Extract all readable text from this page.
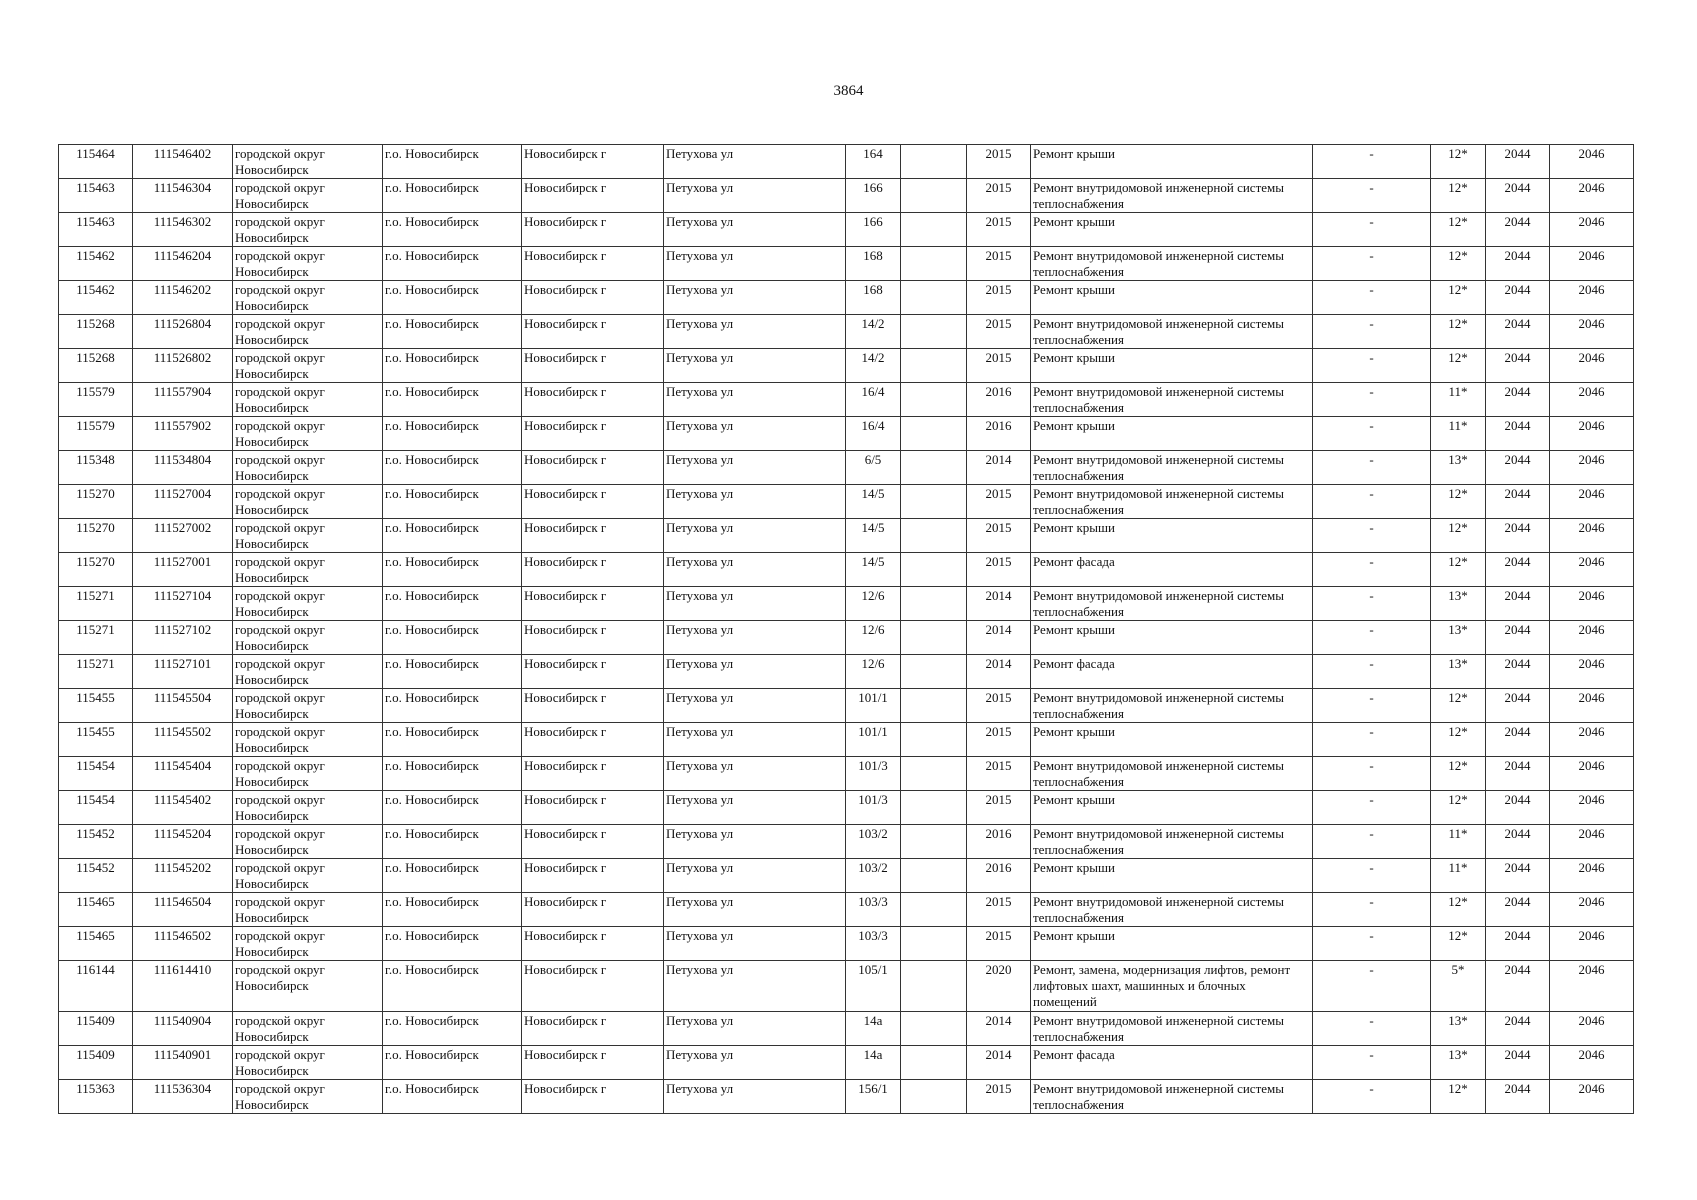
3864
115464	111546402	городской округ Новосибирск	г.о. Новосибирск	Новосибирск г	Петухова ул	164		2015	Ремонт крыши	-	12*	2044	2046
115463	111546304	городской округ Новосибирск	г.о. Новосибирск	Новосибирск г	Петухова ул	166		2015	Ремонт внутридомовой инженерной системы теплоснабжения	-	12*	2044	2046
115463	111546302	городской округ Новосибирск	г.о. Новосибирск	Новосибирск г	Петухова ул	166		2015	Ремонт крыши	-	12*	2044	2046
115462	111546204	городской округ Новосибирск	г.о. Новосибирск	Новосибирск г	Петухова ул	168		2015	Ремонт внутридомовой инженерной системы теплоснабжения	-	12*	2044	2046
115462	111546202	городской округ Новосибирск	г.о. Новосибирск	Новосибирск г	Петухова ул	168		2015	Ремонт крыши	-	12*	2044	2046
115268	111526804	городской округ Новосибирск	г.о. Новосибирск	Новосибирск г	Петухова ул	14/2		2015	Ремонт внутридомовой инженерной системы теплоснабжения	-	12*	2044	2046
115268	111526802	городской округ Новосибирск	г.о. Новосибирск	Новосибирск г	Петухова ул	14/2		2015	Ремонт крыши	-	12*	2044	2046
115579	111557904	городской округ Новосибирск	г.о. Новосибирск	Новосибирск г	Петухова ул	16/4		2016	Ремонт внутридомовой инженерной системы теплоснабжения	-	11*	2044	2046
115579	111557902	городской округ Новосибирск	г.о. Новосибирск	Новосибирск г	Петухова ул	16/4		2016	Ремонт крыши	-	11*	2044	2046
115348	111534804	городской округ Новосибирск	г.о. Новосибирск	Новосибирск г	Петухова ул	6/5		2014	Ремонт внутридомовой инженерной системы теплоснабжения	-	13*	2044	2046
115270	111527004	городской округ Новосибирск	г.о. Новосибирск	Новосибирск г	Петухова ул	14/5		2015	Ремонт внутридомовой инженерной системы теплоснабжения	-	12*	2044	2046
115270	111527002	городской округ Новосибирск	г.о. Новосибирск	Новосибирск г	Петухова ул	14/5		2015	Ремонт крыши	-	12*	2044	2046
115270	111527001	городской округ Новосибирск	г.о. Новосибирск	Новосибирск г	Петухова ул	14/5		2015	Ремонт фасада	-	12*	2044	2046
115271	111527104	городской округ Новосибирск	г.о. Новосибирск	Новосибирск г	Петухова ул	12/6		2014	Ремонт внутридомовой инженерной системы теплоснабжения	-	13*	2044	2046
115271	111527102	городской округ Новосибирск	г.о. Новосибирск	Новосибирск г	Петухова ул	12/6		2014	Ремонт крыши	-	13*	2044	2046
115271	111527101	городской округ Новосибирск	г.о. Новосибирск	Новосибирск г	Петухова ул	12/6		2014	Ремонт фасада	-	13*	2044	2046
115455	111545504	городской округ Новосибирск	г.о. Новосибирск	Новосибирск г	Петухова ул	101/1		2015	Ремонт внутридомовой инженерной системы теплоснабжения	-	12*	2044	2046
115455	111545502	городской округ Новосибирск	г.о. Новосибирск	Новосибирск г	Петухова ул	101/1		2015	Ремонт крыши	-	12*	2044	2046
115454	111545404	городской округ Новосибирск	г.о. Новосибирск	Новосибирск г	Петухова ул	101/3		2015	Ремонт внутридомовой инженерной системы теплоснабжения	-	12*	2044	2046
115454	111545402	городской округ Новосибирск	г.о. Новосибирск	Новосибирск г	Петухова ул	101/3		2015	Ремонт крыши	-	12*	2044	2046
115452	111545204	городской округ Новосибирск	г.о. Новосибирск	Новосибирск г	Петухова ул	103/2		2016	Ремонт внутридомовой инженерной системы теплоснабжения	-	11*	2044	2046
115452	111545202	городской округ Новосибирск	г.о. Новосибирск	Новосибирск г	Петухова ул	103/2		2016	Ремонт крыши	-	11*	2044	2046
115465	111546504	городской округ Новосибирск	г.о. Новосибирск	Новосибирск г	Петухова ул	103/3		2015	Ремонт внутридомовой инженерной системы теплоснабжения	-	12*	2044	2046
115465	111546502	городской округ Новосибирск	г.о. Новосибирск	Новосибирск г	Петухова ул	103/3		2015	Ремонт крыши	-	12*	2044	2046
116144	111614410	городской округ Новосибирск	г.о. Новосибирск	Новосибирск г	Петухова ул	105/1		2020	Ремонт, замена, модернизация лифтов, ремонт лифтовых шахт, машинных и блочных помещений	-	5*	2044	2046
115409	111540904	городской округ Новосибирск	г.о. Новосибирск	Новосибирск г	Петухова ул	14а		2014	Ремонт внутридомовой инженерной системы теплоснабжения	-	13*	2044	2046
115409	111540901	городской округ Новосибирск	г.о. Новосибирск	Новосибирск г	Петухова ул	14а		2014	Ремонт фасада	-	13*	2044	2046
115363	111536304	городской округ Новосибирск	г.о. Новосибирск	Новосибирск г	Петухова ул	156/1		2015	Ремонт внутридомовой инженерной системы теплоснабжения	-	12*	2044	2046
